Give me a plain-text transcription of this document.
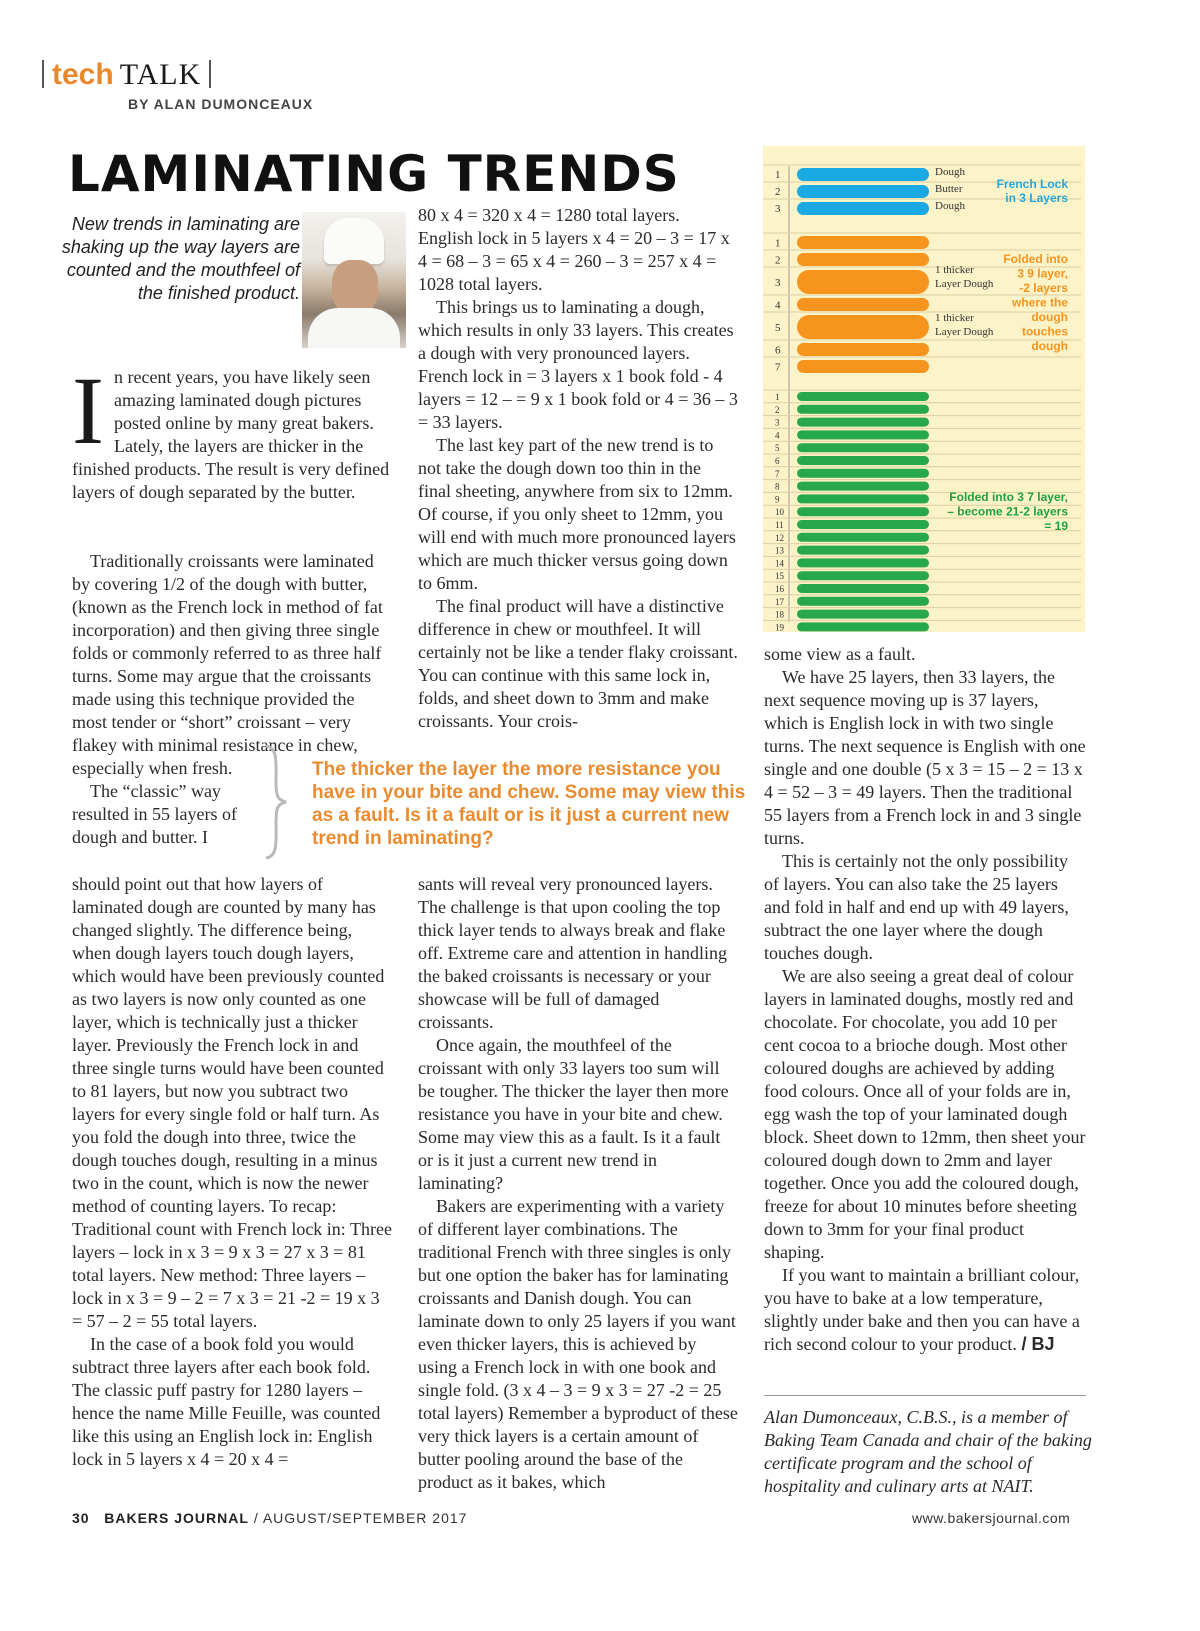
tech TALK
BY ALAN DUMONCEAUX
LAMINATING TRENDS
New trends in laminating are shaking up the way layers are counted and the mouthfeel of the finished product.

In recent years, you have likely seen amazing laminated dough pictures posted online by many great bakers. Lately, the layers are thicker in the finished products. The result is very defined layers of dough separated by the butter.

Traditionally croissants were laminated by covering 1/2 of the dough with butter, (known as the French lock in method of fat incorporation) and then giving three single folds or commonly referred to as three half turns. Some may argue that the croissants made using this technique provided the most tender or “short” croissant – very flakey with minimal resistance in chew, especially when fresh.

The “classic” way resulted in 55 layers of dough and butter. I

should point out that how layers of laminated dough are counted by many has changed slightly. The difference being, when dough layers touch dough layers, which would have been previously counted as two layers is now only counted as one layer, which is technically just a thicker layer. Previously the French lock in and three single turns would have been counted to 81 layers, but now you subtract two layers for every single fold or half turn. As you fold the dough into three, twice the dough touches dough, resulting in a minus two in the count, which is now the newer method of counting layers. To recap: Traditional count with French lock in: Three layers – lock in x 3 = 9 x 3 = 27 x 3 = 81 total layers. New method: Three layers – lock in x 3 = 9 – 2 = 7 x 3 = 21 -2 = 19 x 3 = 57 – 2 = 55 total layers.

In the case of a book fold you would subtract three layers after each book fold. The classic puff pastry for 1280 layers – hence the name Mille Feuille, was counted like this using an English lock in: English lock in 5 layers x 4 = 20 x 4 =

The thicker the layer the more resistance you have in your bite and chew. Some may view this as a fault. Is it a fault or is it just a current new trend in laminating?

80 x 4 = 320 x 4 = 1280 total layers. English lock in 5 layers x 4 = 20 – 3 = 17 x 4 = 68 – 3 = 65 x 4 = 260 – 3 = 257 x 4 = 1028 total layers.

This brings us to laminating a dough, which results in only 33 layers. This creates a dough with very pronounced layers. French lock in = 3 layers x 1 book fold - 4 layers = 12 – = 9 x 1 book fold or 4 = 36 – 3 = 33 layers.

The last key part of the new trend is to not take the dough down too thin in the final sheeting, anywhere from six to 12mm. Of course, if you only sheet to 12mm, you will end with much more pronounced layers which are much thicker versus going down to 6mm.

The final product will have a distinctive difference in chew or mouthfeel. It will certainly not be like a tender flaky croissant. You can continue with this same lock in, folds, and sheet down to 3mm and make croissants. Your crois-

sants will reveal very pronounced layers. The challenge is that upon cooling the top thick layer tends to always break and flake off. Extreme care and attention in handling the baked croissants is necessary or your showcase will be full of damaged croissants.

Once again, the mouthfeel of the croissant with only 33 layers too sum will be tougher. The thicker the layer then more resistance you have in your bite and chew. Some may view this as a fault. Is it a fault or is it just a current new trend in laminating?

Bakers are experimenting with a variety of different layer combinations. The traditional French with three singles is only but one option the baker has for laminating croissants and Danish dough. You can laminate down to only 25 layers if you want even thicker layers, this is achieved by using a French lock in with one book and single fold. (3 x 4 – 3 = 9 x 3 = 27 -2 = 25 total layers) Remember a byproduct of these very thick layers is a certain amount of butter pooling around the base of the product as it bakes, which

1	Dough
2	Butter
3	Dough
French Lock
in 3 Layers
1
2
3
4
5
6
7
1 thicker
Layer Dough
1 thicker
Layer Dough
Folded into
3 9 layer,
-2 layers
where the
dough
touches
dough
1
2
3
4
5
6
7
8
9
10
11
12
13
14
15
16
17
18
19
Folded into 3 7 layer,
– become 21-2 layers
= 19

some view as a fault.

We have 25 layers, then 33 layers, the next sequence moving up is 37 layers, which is English lock in with two single turns. The next sequence is English with one single and one double (5 x 3 = 15 – 2 = 13 x 4 = 52 – 3 = 49 layers. Then the traditional 55 layers from a French lock in and 3 single turns.

This is certainly not the only possibility of layers. You can also take the 25 layers and fold in half and end up with 49 layers, subtract the one layer where the dough touches dough.

We are also seeing a great deal of colour layers in laminated doughs, mostly red and chocolate. For chocolate, you add 10 per cent cocoa to a brioche dough. Most other coloured doughs are achieved by adding food colours. Once all of your folds are in, egg wash the top of your laminated dough block. Sheet down to 12mm, then sheet your coloured dough down to 2mm and layer together. Once you add the coloured dough, freeze for about 10 minutes before sheeting down to 3mm for your final product shaping.

If you want to maintain a brilliant colour, you have to bake at a low temperature, slightly under bake and then you can have a rich second colour to your product. / BJ

Alan Dumonceaux, C.B.S., is a member of Baking Team Canada and chair of the baking certificate program and the school of hospitality and culinary arts at NAIT.

30 BAKERS JOURNAL / AUGUST/SEPTEMBER 2017	www.bakersjournal.com
